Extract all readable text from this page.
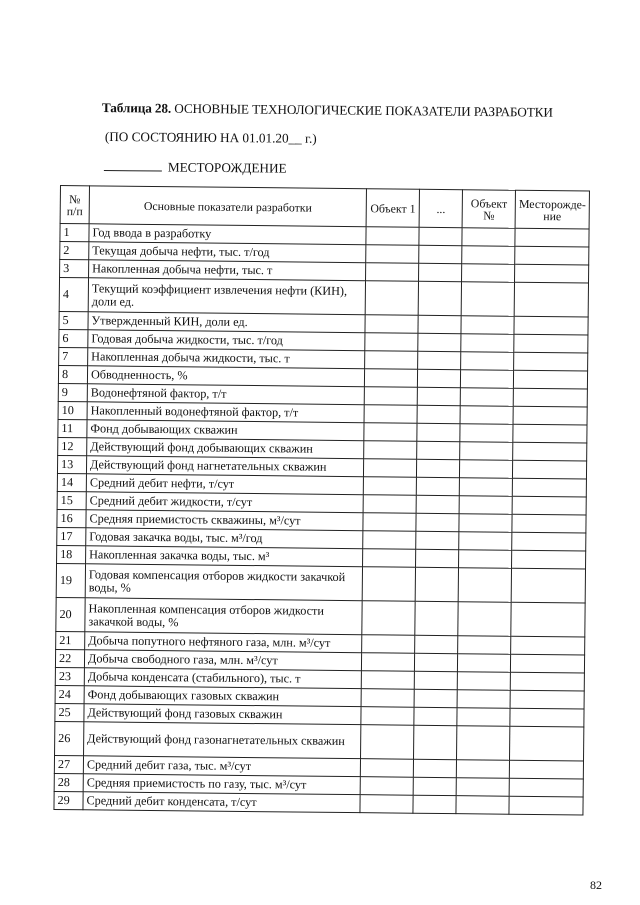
Таблица 28. ОСНОВНЫЕ ТЕХНОЛОГИЧЕСКИЕ ПОКАЗАТЕЛИ РАЗРАБОТКИ
(ПО СОСТОЯНИЮ НА 01.01.20__ г.)
МЕСТОРОЖДЕНИЕ
№ п/п	Основные показатели разработки	Объект 1	...	Объект №	Месторожде-ние
1	Год ввода в разработку				
2	Текущая добыча нефти, тыс. т/год				
3	Накопленная добыча нефти, тыс. т				
4	Текущий коэффициент извлечения нефти (КИН), доли ед.				
5	Утвержденный КИН, доли ед.				
6	Годовая добыча жидкости, тыс. т/год				
7	Накопленная добыча жидкости, тыс. т				
8	Обводненность, %				
9	Водонефтяной фактор, т/т				
10	Накопленный водонефтяной фактор, т/т				
11	Фонд добывающих скважин				
12	Действующий фонд добывающих скважин				
13	Действующий фонд нагнетательных скважин				
14	Средний дебит нефти, т/сут				
15	Средний дебит жидкости, т/сут				
16	Средняя приемистость скважины, м³/сут				
17	Годовая закачка воды, тыс. м³/год				
18	Накопленная закачка воды, тыс. м³				
19	Годовая компенсация отборов жидкости закачкой воды, %				
20	Накопленная компенсация отборов жидкости закачкой воды, %				
21	Добыча попутного нефтяного газа, млн. м³/сут				
22	Добыча свободного газа, млн. м³/сут				
23	Добыча конденсата (стабильного), тыс. т				
24	Фонд добывающих газовых скважин				
25	Действующий фонд газовых скважин				
26	Действующий фонд газонагнетательных скважин				
27	Средний дебит газа, тыс. м³/сут				
28	Средняя приемистость по газу, тыс. м³/сут				
29	Средний дебит конденсата, т/сут				
82
